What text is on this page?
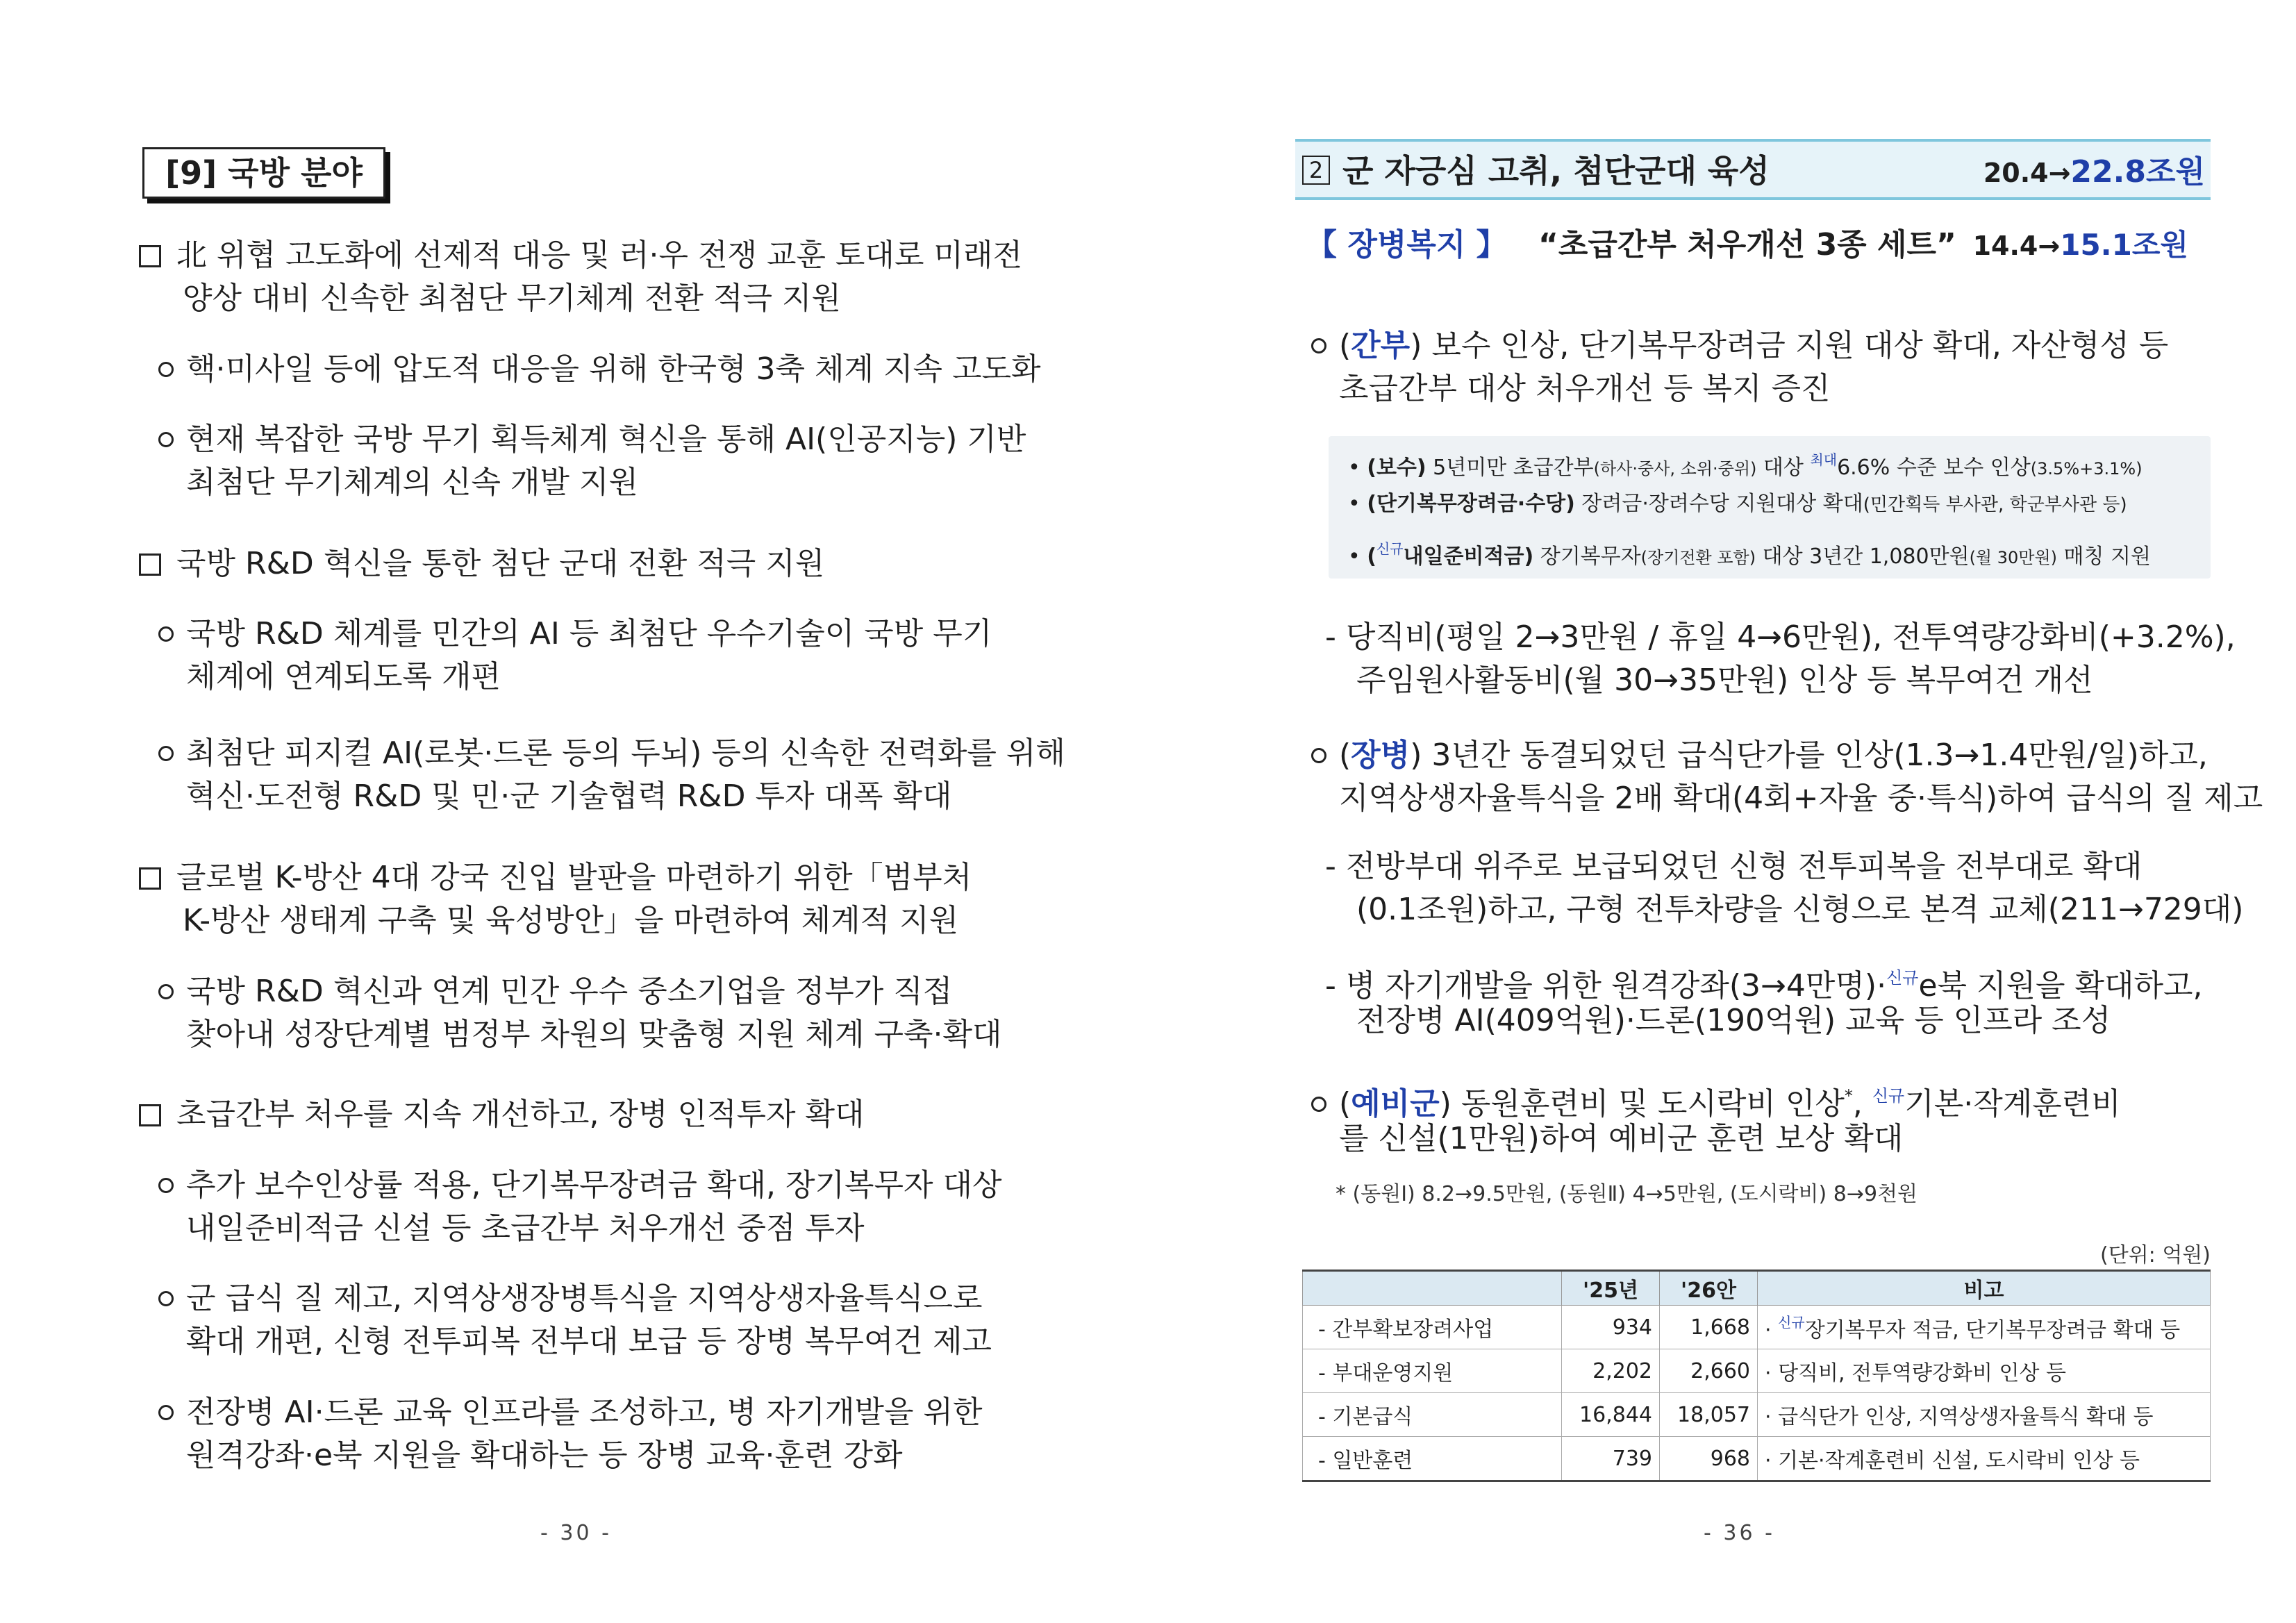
[9] 국방 분야
北 위협 고도화에 선제적 대응 및 러·우 전쟁 교훈 토대로 미래전
양상 대비 신속한 최첨단 무기체계 전환 적극 지원
핵·미사일 등에 압도적 대응을 위해 한국형 3축 체계 지속 고도화
현재 복잡한 국방 무기 획득체계 혁신을 통해 AI(인공지능) 기반
최첨단 무기체계의 신속 개발 지원
국방 R&D 혁신을 통한 첨단 군대 전환 적극 지원
국방 R&D 체계를 민간의 AI 등 최첨단 우수기술이 국방 무기
체계에 연계되도록 개편
최첨단 피지컬 AI(로봇·드론 등의 두뇌) 등의 신속한 전력화를 위해
혁신·도전형 R&D 및 민·군 기술협력 R&D 투자 대폭 확대
글로벌 K-방산 4대 강국 진입 발판을 마련하기 위한「범부처
K-방산 생태계 구축 및 육성방안」을 마련하여 체계적 지원
국방 R&D 혁신과 연계 민간 우수 중소기업을 정부가 직접
찾아내 성장단계별 범정부 차원의 맞춤형 지원 체계 구축·확대
초급간부 처우를 지속 개선하고, 장병 인적투자 확대
추가 보수인상률 적용, 단기복무장려금 확대, 장기복무자 대상
내일준비적금 신설 등 초급간부 처우개선 중점 투자
군 급식 질 제고, 지역상생장병특식을 지역상생자율특식으로
확대 개편, 신형 전투피복 전부대 보급 등 장병 복무여건 제고
전장병 AI·드론 교육 인프라를 조성하고, 병 자기개발을 위한
원격강좌·e북 지원을 확대하는 등 장병 교육·훈련 강화
- 30 -
2 군 자긍심 고취, 첨단군대 육성	20.4→22.8조원
【 장병복지 】 “초급간부 처우개선 3종 세트” 14.4→15.1조원
(간부) 보수 인상, 단기복무장려금 지원 대상 확대, 자산형성 등
초급간부 대상 처우개선 등 복지 증진
• (보수) 5년미만 초급간부(하사·중사, 소위·중위) 대상 $^{최대}$6.6% 수준 보수 인상(3.5%+3.1%)
• (단기복무장려금·수당) 장려금·장려수당 지원대상 확대(민간획득 부사관, 학군부사관 등)
• ($^{신규}$내일준비적금) 장기복무자(장기전환 포함) 대상 3년간 1,080만원(월 30만원) 매칭 지원
- 당직비(평일 2→3만원 / 휴일 4→6만원), 전투역량강화비(+3.2%),
주임원사활동비(월 30→35만원) 인상 등 복무여건 개선
(장병) 3년간 동결되었던 급식단가를 인상(1.3→1.4만원/일)하고,
지역상생자율특식을 2배 확대(4회+자율 중·특식)하여 급식의 질 제고
- 전방부대 위주로 보급되었던 신형 전투피복을 전부대로 확대
(0.1조원)하고, 구형 전투차량을 신형으로 본격 교체(211→729대)
- 병 자기개발을 위한 원격강좌(3→4만명)·$^{신규}$e북 지원을 확대하고,
전장병 AI(409억원)·드론(190억원) 교육 등 인프라 조성
(예비군) 동원훈련비 및 도시락비 인상*, $^{신규}$기본·작계훈련비
를 신설(1만원)하여 예비군 훈련 보상 확대
* (동원Ⅰ) 8.2→9.5만원, (동원Ⅱ) 4→5만원, (도시락비) 8→9천원
(단위: 억원)
	'25년	'26안	비고
- 간부확보장려사업	934	1,668	· $^{신규}$장기복무자 적금, 단기복무장려금 확대 등
- 부대운영지원	2,202	2,660	· 당직비, 전투역량강화비 인상 등
- 기본급식	16,844	18,057	· 급식단가 인상, 지역상생자율특식 확대 등
- 일반훈련	739	968	· 기본·작계훈련비 신설, 도시락비 인상 등
- 36 -
